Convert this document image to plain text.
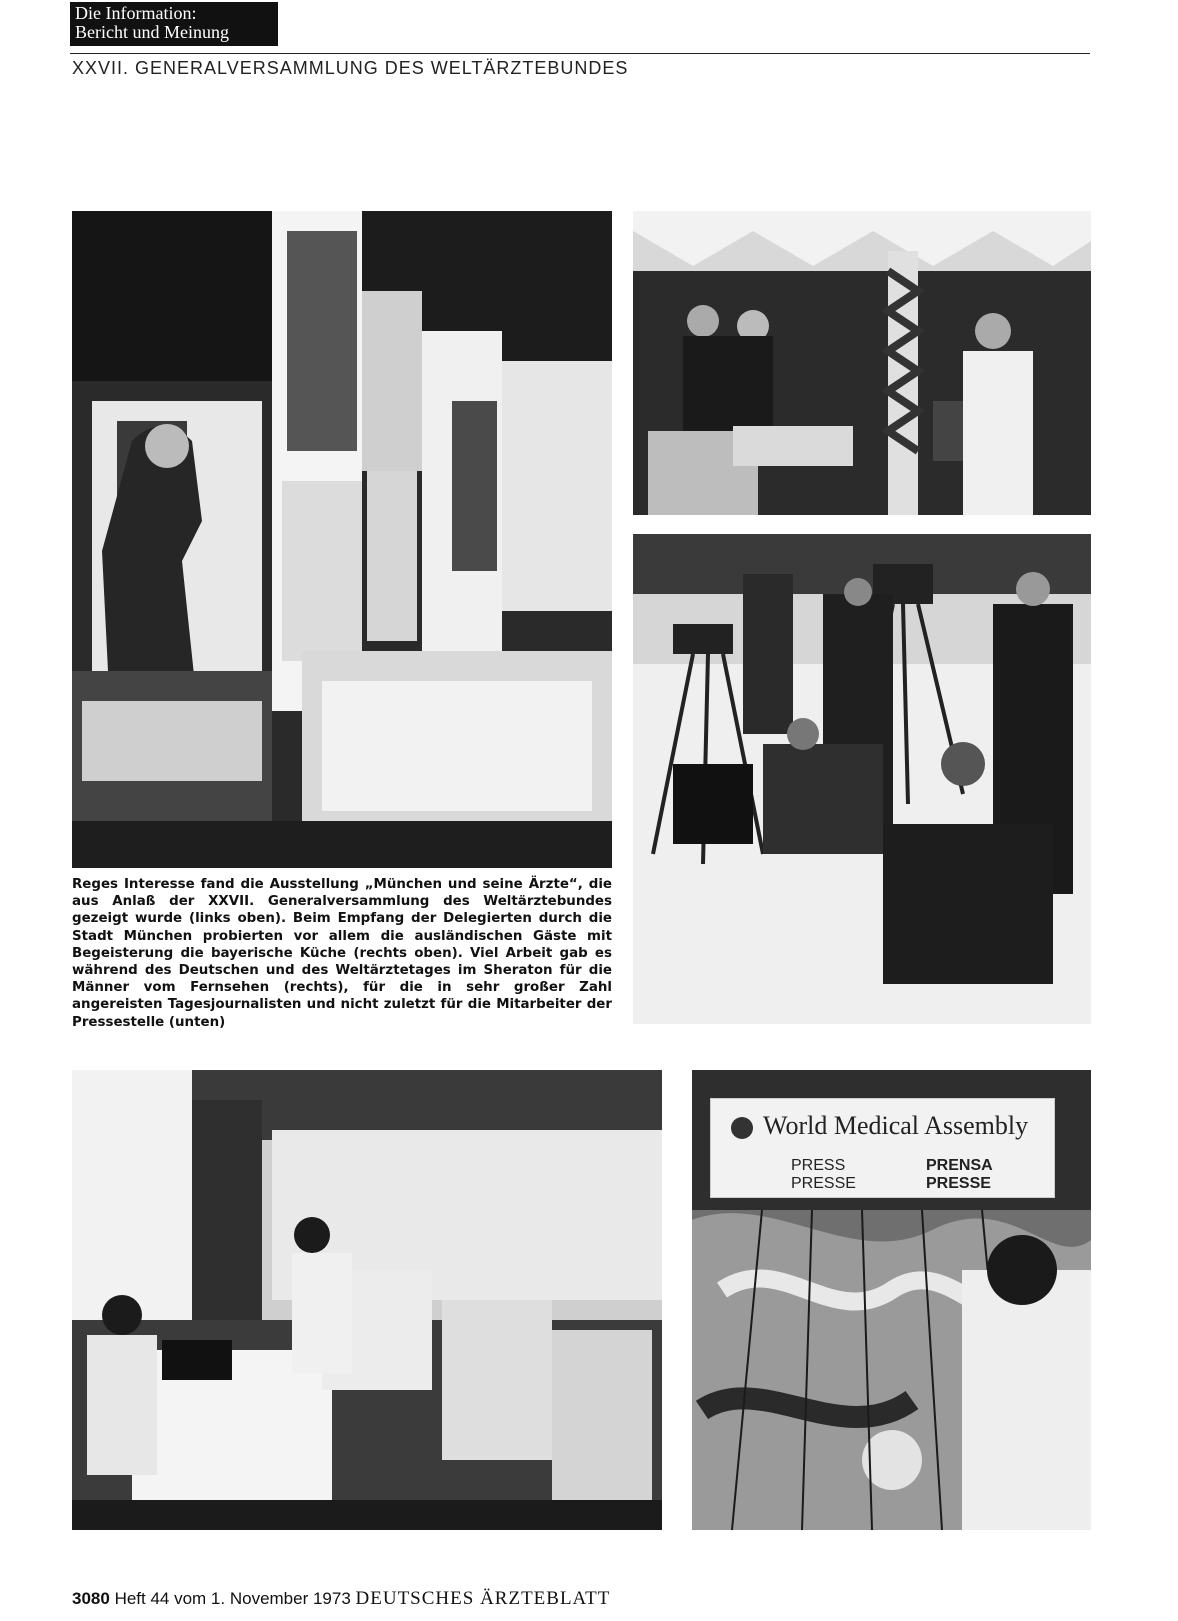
Die Information:
Bericht und Meinung
XXVII. GENERALVERSAMMLUNG DES WELTÄRZTEBUNDES
Reges Interesse fand die Ausstellung „München und seine Ärzte“, die aus Anlaß der XXVII. Generalversammlung des Weltärztebundes gezeigt wurde (links oben). Beim Empfang der Delegierten durch die Stadt München probierten vor allem die ausländischen Gäste mit Begeisterung die bayerische Küche (rechts oben). Viel Arbeit gab es während des Deutschen und des Weltärztetages im Sheraton für die Männer vom Fernsehen (rechts), für die in sehr großer Zahl angereisten Tagesjournalisten und nicht zuletzt für die Mitarbeiter der Pressestelle (unten)
World Medical Assembly
PRESS
PRESSE
PRENSA
PRESSE
3080 Heft 44 vom 1. November 1973 DEUTSCHES ÄRZTEBLATT
